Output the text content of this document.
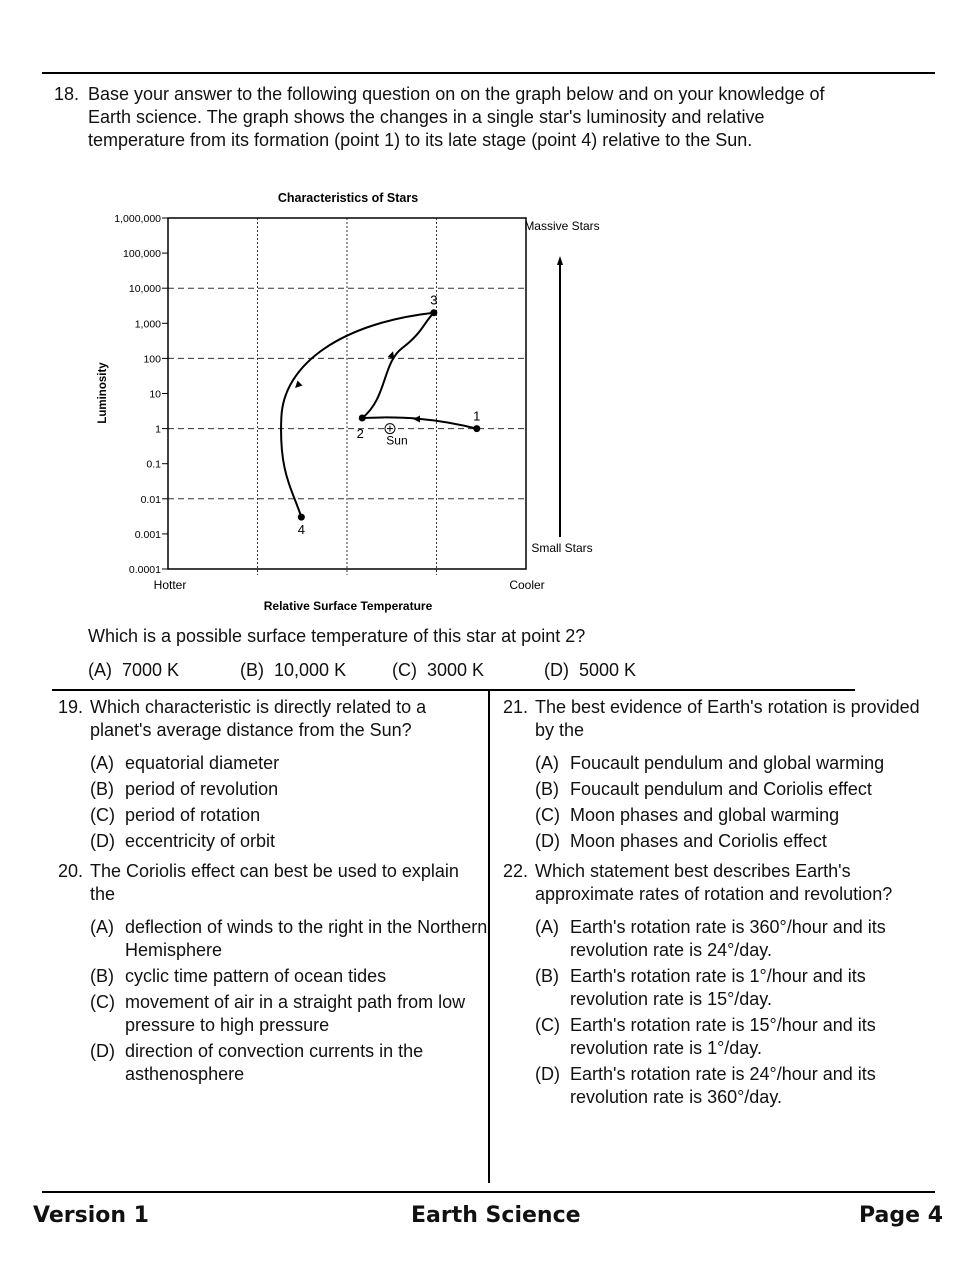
18. Base your answer to the following question on on the graph below and on your knowledge of Earth science. The graph shows the changes in a single star's luminosity and relative temperature from its formation (point 1) to its late stage (point 4) relative to the Sun.
Characteristics of Stars
1,000,000
100,000
10,000
1,000
100
10
1
0.1
0.01
0.001
0.0001
Luminosity
Hotter	Cooler
Relative Surface Temperature
1
2
3
4
Sun
Massive Stars
Small Stars
Which is a possible surface temperature of this star at point 2?
(A) 7000 K	(B) 10,000 K	(C) 3000 K	(D) 5000 K
19. Which characteristic is directly related to a planet's average distance from the Sun?
(A) equatorial diameter
(B) period of revolution
(C) period of rotation
(D) eccentricity of orbit
20. The Coriolis effect can best be used to explain the
(A) deflection of winds to the right in the Northern Hemisphere
(B) cyclic time pattern of ocean tides
(C) movement of air in a straight path from low pressure to high pressure
(D) direction of convection currents in the asthenosphere
21. The best evidence of Earth's rotation is provided by the
(A) Foucault pendulum and global warming
(B) Foucault pendulum and Coriolis effect
(C) Moon phases and global warming
(D) Moon phases and Coriolis effect
22. Which statement best describes Earth's approximate rates of rotation and revolution?
(A) Earth's rotation rate is 360°/hour and its revolution rate is 24°/day.
(B) Earth's rotation rate is 1°/hour and its revolution rate is 15°/day.
(C) Earth's rotation rate is 15°/hour and its revolution rate is 1°/day.
(D) Earth's rotation rate is 24°/hour and its revolution rate is 360°/day.
Version 1	Earth Science	Page 4
